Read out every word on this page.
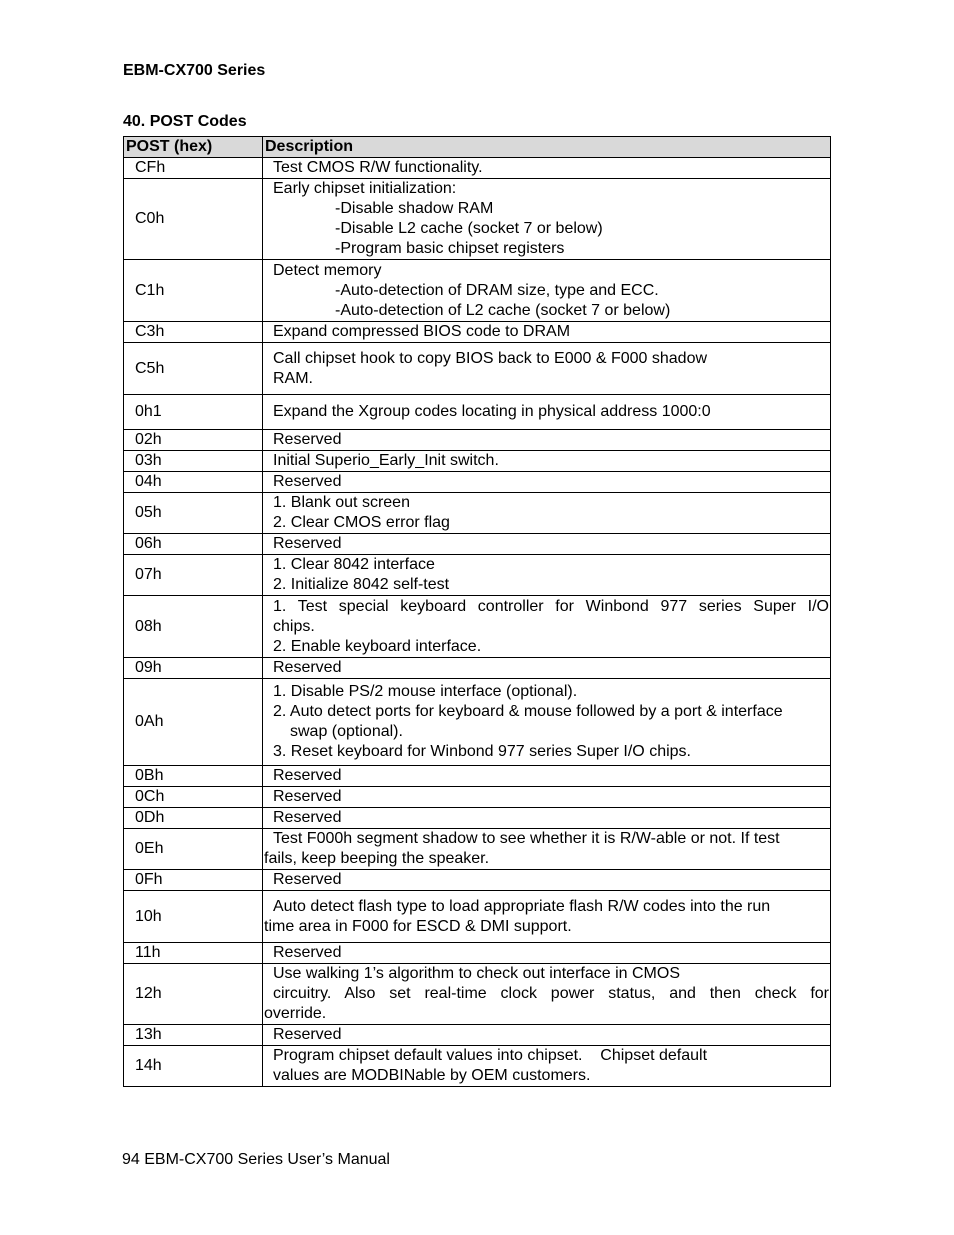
EBM-CX700 Series
40. POST Codes
POST (hex)	Description
CFh	Test CMOS R/W functionality.

C0h	Early chipset initialization:
-Disable shadow RAM
-Disable L2 cache (socket 7 or below)
-Program basic chipset registers

C1h	Detect memory
-Auto-detection of DRAM size, type and ECC.
-Auto-detection of L2 cache (socket 7 or below)

C3h	Expand compressed BIOS code to DRAM

C5h	Call chipset hook to copy BIOS back to E000 & F000 shadow
RAM.

0h1	Expand the Xgroup codes locating in physical address 1000:0

02h	Reserved

03h	Initial Superio_Early_Init switch.

04h	Reserved

05h	1. Blank out screen
2. Clear CMOS error flag

06h	Reserved

07h	1. Clear 8042 interface
2. Initialize 8042 self-test

08h	1. Test special keyboard controller for Winbond 977 series Super I/O
chips.
2. Enable keyboard interface.

09h	Reserved

0Ah	1. Disable PS/2 mouse interface (optional).
2. Auto detect ports for keyboard & mouse followed by a port & interface
swap (optional).
3. Reset keyboard for Winbond 977 series Super I/O chips.

0Bh	Reserved

0Ch	Reserved

0Dh	Reserved

0Eh	Test F000h segment shadow to see whether it is R/W-able or not. If test
fails, keep beeping the speaker.

0Fh	Reserved

10h	Auto detect flash type to load appropriate flash R/W codes into the run
time area in F000 for ESCD & DMI support.

11h	Reserved

12h	Use walking 1’s algorithm to check out interface in CMOS
circuitry. Also set real-time clock power status, and then check for
override.

13h	Reserved

14h	Program chipset default values into chipset.    Chipset default
values are MODBINable by OEM customers.
94 EBM-CX700 Series User’s Manual
